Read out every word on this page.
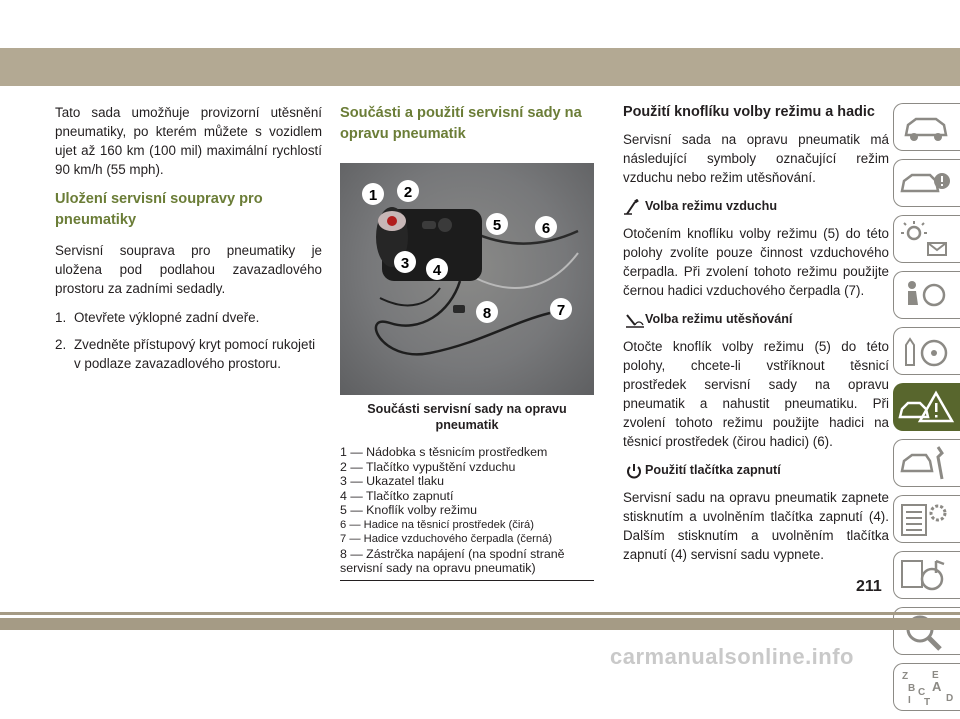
Tato sada umožňuje provizorní utěsnění pneumatiky, po kterém můžete s vozidlem ujet až 160 km (100 mil) maximální rychlostí 90 km/h (55 mph).

Uložení servisní soupravy pro pneumatiky

Servisní souprava pro pneumatiky je uložena pod podlahou zavazadlového prostoru za zadními sedadly.

1. Otevřete výklopné zadní dveře.
2. Zvedněte přístupový kryt pomocí rukojeti v podlaze zavazadlového prostoru.
Součásti a použití servisní sady na opravu pneumatik
1 2
3 4
5	6
7
8
Součásti servisní sady na opravu pneumatik
1 — Nádobka s těsnicím prostředkem
2 — Tlačítko vypuštění vzduchu
3 — Ukazatel tlaku
4 — Tlačítko zapnutí
5 — Knoflík volby režimu
6 — Hadice na těsnicí prostředek (čirá)
7 — Hadice vzduchového čerpadla (černá)
8 — Zástrčka napájení (na spodní straně servisní sady na opravu pneumatik)
Použití knoflíku volby režimu a hadic

Servisní sada na opravu pneumatik má následující symboly označující režim vzduchu nebo režim utěsňování.

Volba režimu vzduchu

Otočením knoflíku volby režimu (5) do této polohy zvolíte pouze činnost vzduchového čerpadla. Při zvolení tohoto režimu použijte černou hadici vzduchového čerpadla (7).

Volba režimu utěsňování

Otočte knoflík volby režimu (5) do této polohy, chcete-li vstříknout těsnicí prostředek servisní sady na opravu pneumatik a nahustit pneumatiku. Při zvolení tohoto režimu použijte hadici na těsnicí prostředek (čirou hadici) (6).

Použití tlačítka zapnutí

Servisní sadu na opravu pneumatik zapnete stisknutím a uvolněním tlačítka zapnutí (4). Dalším stisknutím a uvolněním tlačítka zapnutí (4) servisní sadu vypnete.

Z E
B A
C
D
I T
211
carmanualsonline.info
